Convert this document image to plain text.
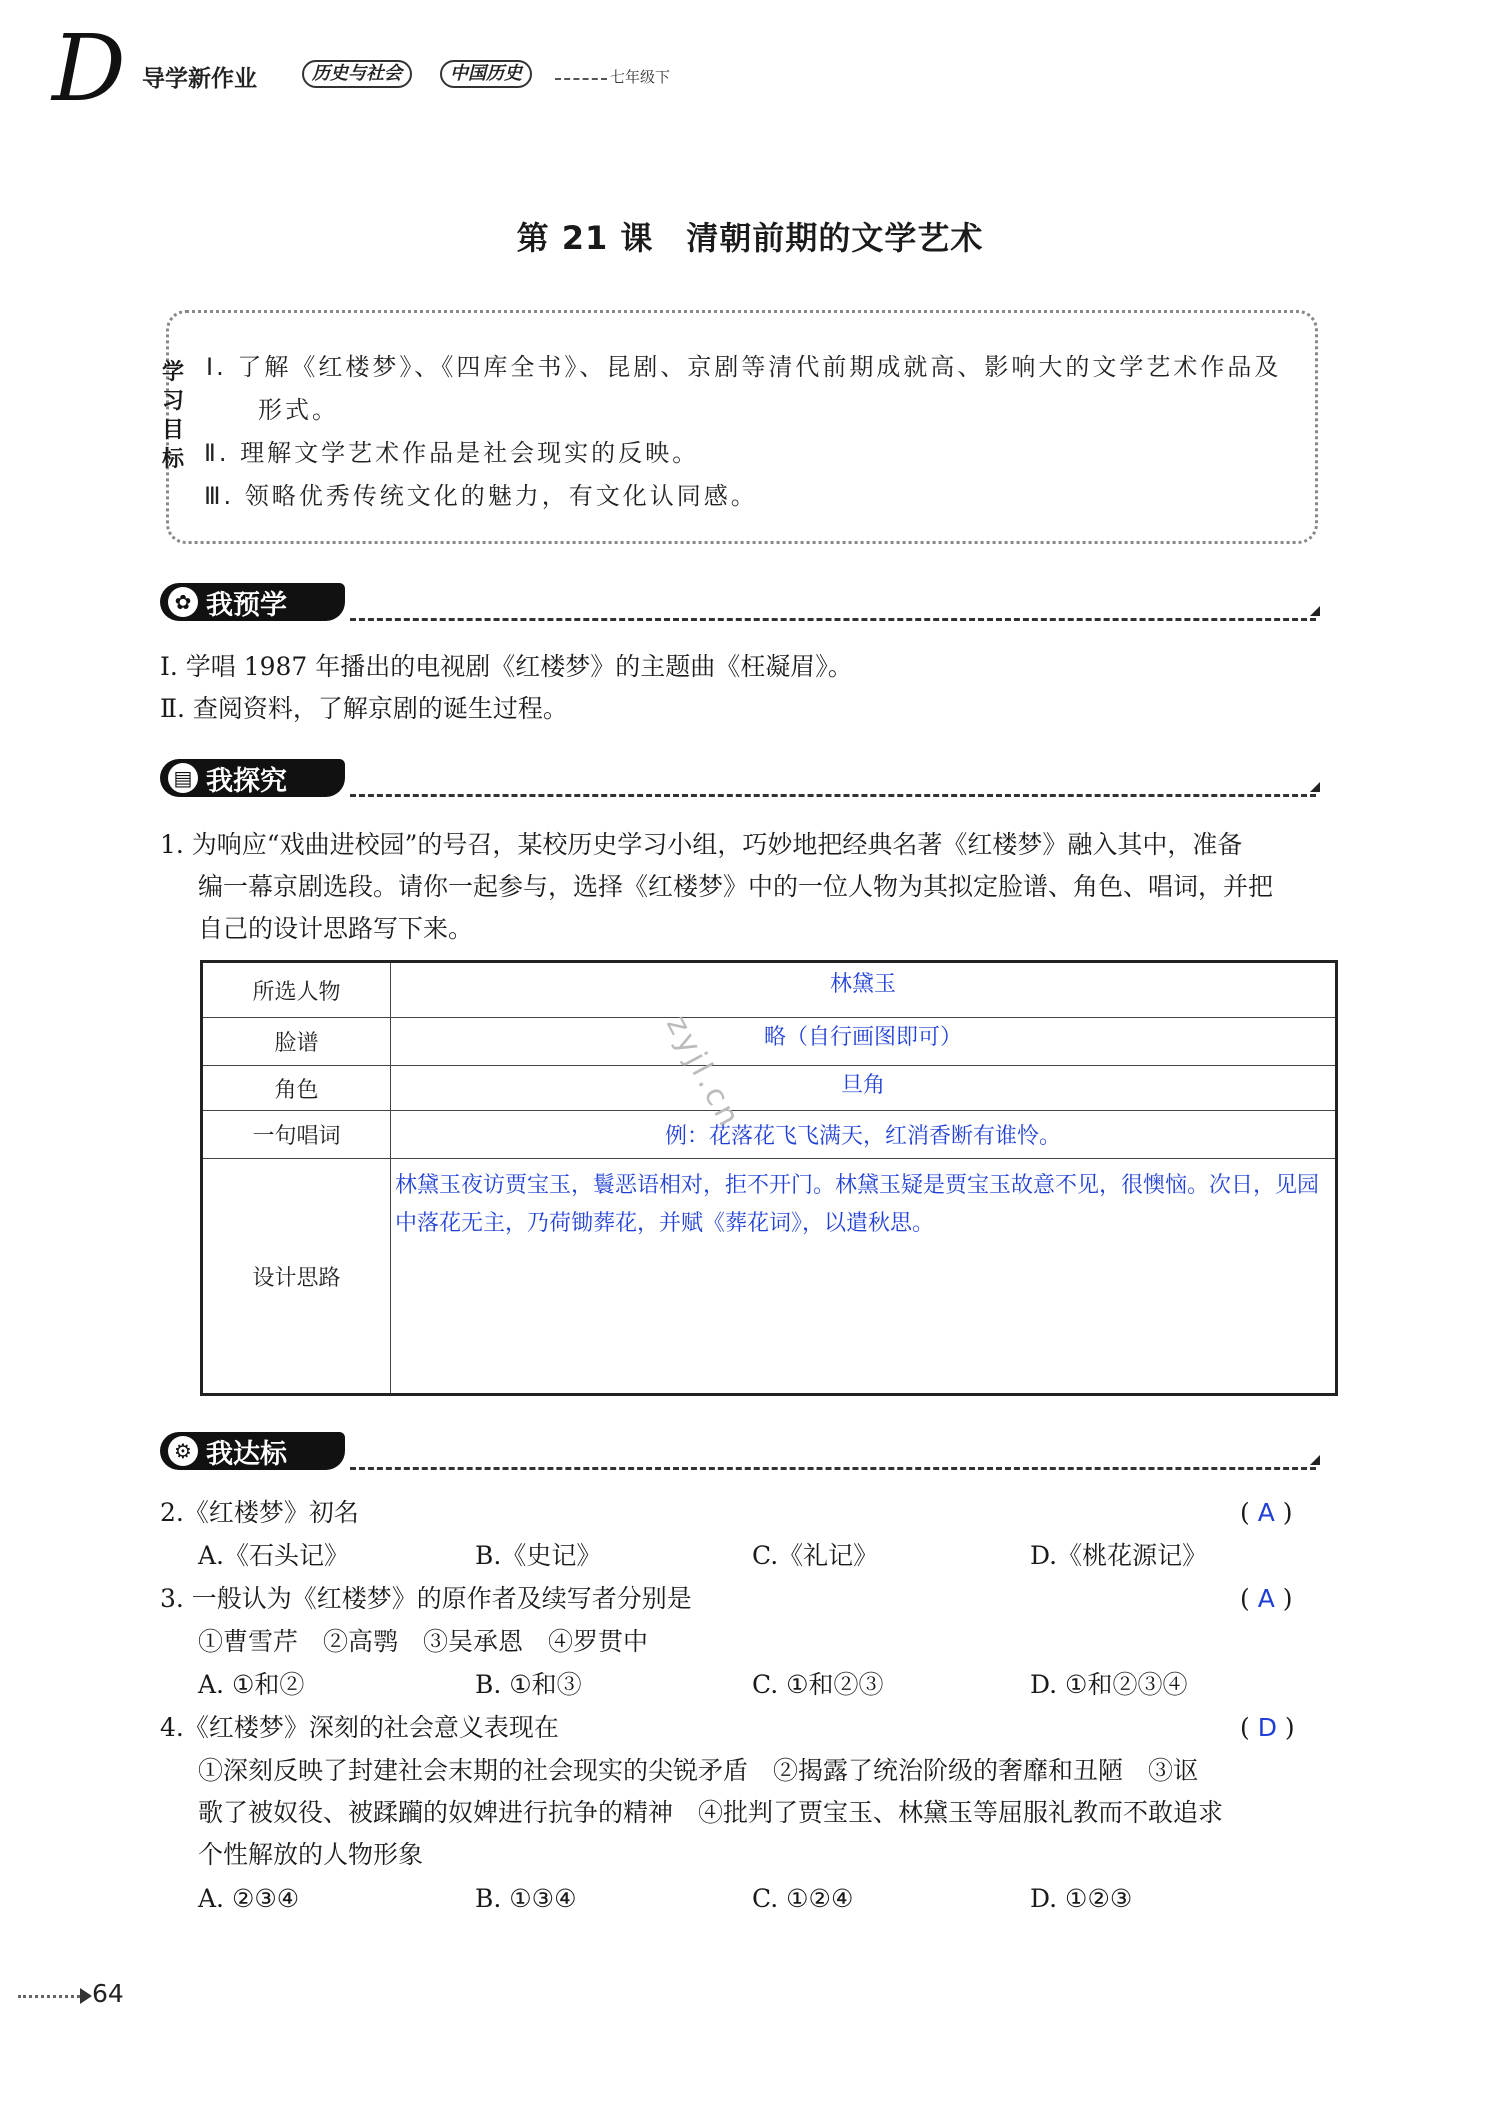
D 导学新作业	历史与社会	中国历史	七年级下
第 21 课　清朝前期的文学艺术
学
习
目
标
Ⅰ. 了解《红楼梦》、《四库全书》、昆剧、京剧等清代前期成就高、影响大的文学艺术作品及
形式。
Ⅱ. 理解文学艺术作品是社会现实的反映。
Ⅲ. 领略优秀传统文化的魅力，有文化认同感。
✿ 我预学
Ⅰ. 学唱 1987 年播出的电视剧《红楼梦》的主题曲《枉凝眉》。
Ⅱ. 查阅资料，了解京剧的诞生过程。
▤ 我探究
1. 为响应“戏曲进校园”的号召，某校历史学习小组，巧妙地把经典名著《红楼梦》融入其中，准备
编一幕京剧选段。请你一起参与，选择《红楼梦》中的一位人物为其拟定脸谱、角色、唱词，并把
自己的设计思路写下来。
所选人物	林黛玉
脸谱	略（自行画图即可）
角色	旦角
一句唱词	例：花落花飞飞满天，红消香断有谁怜。
设计思路	林黛玉夜访贾宝玉，鬟恶语相对，拒不开门。林黛玉疑是贾宝玉故意不见，很懊恼。次日，见园中落花无主，乃荷锄葬花，并赋《葬花词》，以遣秋思。
zyjl.cn
⚙ 我达标
2.《红楼梦》初名	( A )
A.《石头记》	B.《史记》	C.《礼记》	D.《桃花源记》
3. 一般认为《红楼梦》的原作者及续写者分别是	( A )
①曹雪芹　②高鹗　③吴承恩　④罗贯中
A. ①和②	B. ①和③	C. ①和②③	D. ①和②③④
4.《红楼梦》深刻的社会意义表现在	( D )
①深刻反映了封建社会末期的社会现实的尖锐矛盾　②揭露了统治阶级的奢靡和丑陋　③讴
歌了被奴役、被蹂躏的奴婢进行抗争的精神　④批判了贾宝玉、林黛玉等屈服礼教而不敢追求
个性解放的人物形象
A. ②③④	B. ①③④	C. ①②④	D. ①②③
64
